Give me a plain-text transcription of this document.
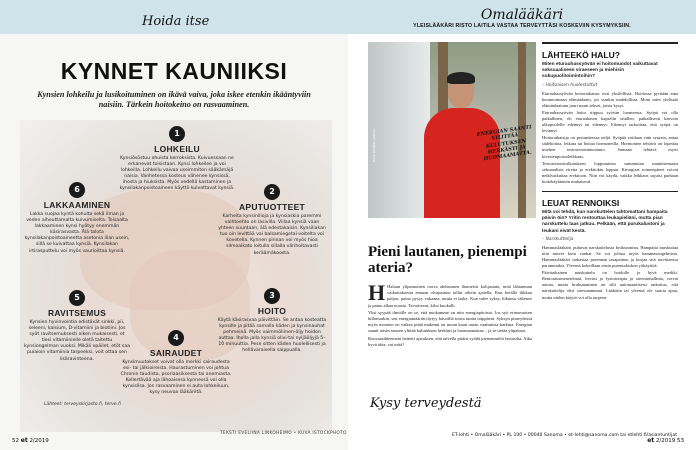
Hoida itse
KYNNET KAUNIIKSI
Kynsien lohkeilu ja lusikoituminen on ikävä vaiva, joka iskee etenkin ikääntyviin naisiin. Tärkein hoitokeino on rasvaaminen.
1
LOHKEILU
Kynsiösöstuu ohuista kerroksista. Kuivuessaan ne erkanevat toisistaan. Kynsi lohkeilee ja voi lohkeilla. Lohkeilu vaivaa useimmiten sääkämäjä naisia. Vanhetessa kosteus vähenee kynsissä, ihosta ja hiuksista. Myös vedellä kastaminen ja kynsilakanpoistoaineen käyttö kuivattavat kynsiä.	2
APUTUOTTEET
Karheita kynsinilioja ja kynsiaskia paremmi vaihtoehto on lasivilla. Viilaa kynsiä vaan yhteen suuntaan, älä edestakaisin. Kynsiliakan tuo oin levittää vai balsamiegetai-voitelta voi kovetella. Kynnen pinnan voi myös hioa silmoaikato loitulla sillalla värihoitavasti keräämäkoosta.
3
HOITO
Käytä käsirasvaa päivittäin. Se antaa kosteatta kynsille ja pitää samalla käden ja kynsinauhat pehmeinä. Myös vaimmölimen-öljy hoidon auttaa. Iholla jalla kynsiä olivi-tai nyljäöljyjä 5–10 minuuttia. Pese sitten käden huolellisesti ja hellävaraisella saippualla.
4
SAIRAUDET
Kynsimuutokset voivat olla merkki sairaudesta esi- tai jälkioireista. Haurastuminen voi johtua Chronin taudista, psoriaasiksesta tai anemiasta. Kellertävää aja lähoaisesa kynnessä voi olla kynsisilsa. Jos rasvaaminen ei auta lohkeiluun, kysy neuvoa lääkäriltä.
5
RAVITSEMUS
Kynsien hyvinvointia edistävät sinkki, pii, seleeni, kalsium, D-vitamiini ja biotiini. Jos syöt ravitsemuksesti oiken mukaisesti, et tiesi vitamiinieile oletä taitettu kynsiongelman vuoksi. Mikäli epäilet, etöt saa puiaioin vitamiinia tarpeeksi, voit ottaa sen lisäravinteena.
6
LAKKAAMINEN
Lakka suojaa kyntä kohulta sekä ilman ja veden aiheuttamalta kuivumiselta. Toisaalta lakkaaminen kynsi hyötyy enemmän käsirasvasta. Älä talota kynsilakanpoistoaineetta asetonia ilian usein, sillä se kuivattaa kynsiä. Kynsilakan irtirasputtelu voi myös vaurioittaa kynsiä.
Lähteet: terveyskirjasto.fi, terve.fi
TEKSTI EVELIINA LINKOHEIMO • KUVA ISTOCKPHOTO
52 et 2/2019
Omalääkäri
YLEISLÄÄKÄRI RISTO LAITILA VASTAA TERVEYTTÄSI KOSKEVIIN KYSYMYKSIIN.
KUVA MARKKU JAKOLA	ENERGIAN SAANTI VILITTÄÄ KULUTUKSEN HERKÄSTI JA HUOMAAMATTA.
Pieni lautanen, pienempi ateria?

H Haluan ylipainoinen rouva ahdistanen iltametsit kolijastain, mitä lähianman vaikuttakoesta ennaan olvapainon tullut oikein ajatella. Kun kerällä liikkua paljon, paino pysyy vakaana, mutta ei laske. Kun tulee syksy, liikunta vähenee ja paino alkaa nousta. Tavoitteeni, kilot kuokalli.

Yksi syypää ilmiölle on se, että nuokamme on niin energiapitoista. Jos syö erinomaisen hillomarkin, sen energiamäärän täytyy käsvällä toista tuntia träppäeni. Syksyn pimeydessä myös moonen on vaikea pitää makeani tai muun kaun rauan vaatimista karkina. Energian saanti toisin sanoen ylittää kulutuksen herkästi ja huomaamattaa – ja se tietää ylipainoa.

Rouvaasihteemeni heitetti ajatuksen, että talvella pitäisi syödä pienemmiltä lautasilta. Aika hyvä idea, vai mitä?

Kysy terveydestä
ET-lehti • Omalääkäri • PL 100 • 00040 Sanoma • et-lehti@sanoma.com tai etlehti.fi/asiantuntijat
LÄHTEEKÖ HALU?
Miten eturauhassyövän ei hoitomuodot vaikuttavat seksuaaliseen viraeseen ja miehisin sukupuolitoimintoihin?
– Hoitoaisen huolestuttut

Eturauhassyövän hoitoratkaisut ovat yksilöllisiä. Hoidossa pyritään aina huomioimaan elämänlaatu, jos ssinkin mahdollista. Moni mies yhdistää elämänlaatuun juuri muni sekset, joista kysyt.

Eturauhassyövän hoito riippuu syövän luonteesta. Syöpä voi olla paikallinen, eli eturauhasen kapselin sisällen, paikallisesti kasvain ulkopuolelle edennyt tai edennyt. Edennyt tarkoittaa, että syöpä on levinnyt.

Hoitoratkaisija on periaatteessa neljä. Syöpää voidaan vain seurata, antaa sädehoitoa, leikata tai hoitaa hormoneilla. Hormonien tehtävä on lopettaa miehen testosteronintuotanto. Samaan tehtävä myös kivestenpoistoleikkaus.

Testosteronivalkutuksen loppuminen sammuttaa mainitsemaasi seksuaalista viretta ja erektiokin loppuu. Kirurgiset toimenpiteet voivat neikivaikuttaa erektioon. Niin voi käydä, vaikka leikkaus sujuisi parhaan hoitokäytännön mukaisesti.

LEUAT RENNOIKSI
Mitä voi tehdä, kun narskuttelen tahtomattani hampaita päivin öin? Yritin rentouttaa leukapieliäni, mutta pian narskuttelu taas jatkuu. Pelkään, että purukalustoni ja leukani eivät kestä.
– Narskuttelija

Hammaslääkärit puhuvat narskuttelusta bruksismina. Hampaita narskuttaa niin nuoret kuin vanhat. Se voi johtua myös hammasongelmista. Hammaslääkäri tarkastaa purennan tasapainon ja korjaa sitä tarvittaessa parammaksi. Yleensä kokeillaan ensin purentakiskon yökäyttöä.

Päiväaikainen narskuttelu on hoidolle jo hyvä merkki. Rentoutusmenetelmät, lieväsi ja fysioterapia ja stressinhallinta, voivat auttaa, mutta bruksaaminen on silti automaattisesti tarkoitus, että narskuttelija olisi stressaantunut. Lääkärin tai yleensä ole suurta apua, mutta niiden käyttö voi olla tarpeen.

et 2/2019 53
